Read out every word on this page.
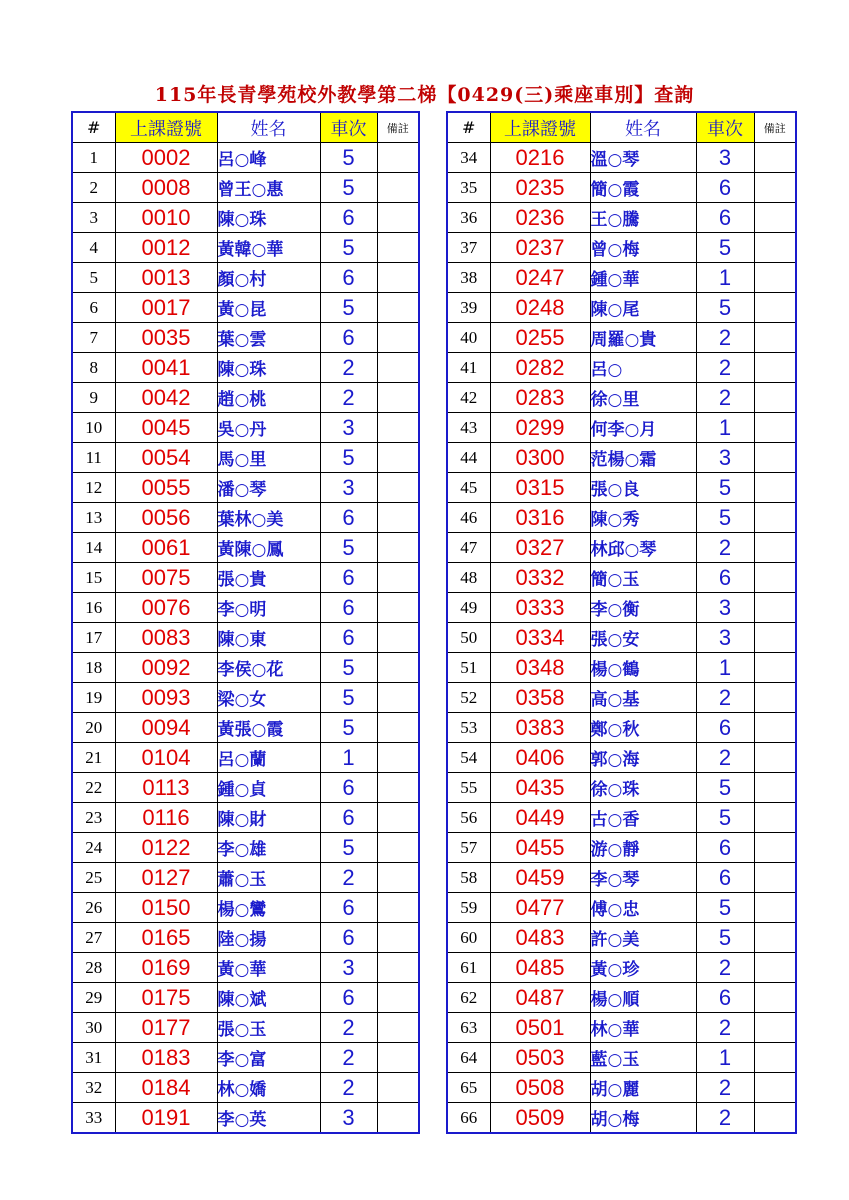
115年長青學苑校外教學第二梯【0429(三)乘座車別】查詢
#	上課證號	姓名	車次	備註
1	0002	呂○峰	5	
2	0008	曾王○惠	5	
3	0010	陳○珠	6	
4	0012	黃韓○華	5	
5	0013	顏○村	6	
6	0017	黃○昆	5	
7	0035	葉○雲	6	
8	0041	陳○珠	2	
9	0042	趙○桃	2	
10	0045	吳○丹	3	
11	0054	馬○里	5	
12	0055	潘○琴	3	
13	0056	葉林○美	6	
14	0061	黃陳○鳳	5	
15	0075	張○貴	6	
16	0076	李○明	6	
17	0083	陳○東	6	
18	0092	李侯○花	5	
19	0093	梁○女	5	
20	0094	黃張○霞	5	
21	0104	呂○蘭	1	
22	0113	鍾○貞	6	
23	0116	陳○財	6	
24	0122	李○雄	5	
25	0127	蕭○玉	2	
26	0150	楊○鸞	6	
27	0165	陸○揚	6	
28	0169	黃○華	3	
29	0175	陳○斌	6	
30	0177	張○玉	2	
31	0183	李○富	2	
32	0184	林○嬌	2	
33	0191	李○英	3	
#	上課證號	姓名	車次	備註
34	0216	溫○琴	3	
35	0235	簡○霞	6	
36	0236	王○騰	6	
37	0237	曾○梅	5	
38	0247	鍾○華	1	
39	0248	陳○尾	5	
40	0255	周羅○貴	2	
41	0282	呂○	2	
42	0283	徐○里	2	
43	0299	何李○月	1	
44	0300	范楊○霜	3	
45	0315	張○良	5	
46	0316	陳○秀	5	
47	0327	林邱○琴	2	
48	0332	簡○玉	6	
49	0333	李○衡	3	
50	0334	張○安	3	
51	0348	楊○鶴	1	
52	0358	高○基	2	
53	0383	鄭○秋	6	
54	0406	郭○海	2	
55	0435	徐○珠	5	
56	0449	古○香	5	
57	0455	游○靜	6	
58	0459	李○琴	6	
59	0477	傅○忠	5	
60	0483	許○美	5	
61	0485	黃○珍	2	
62	0487	楊○順	6	
63	0501	林○華	2	
64	0503	藍○玉	1	
65	0508	胡○麗	2	
66	0509	胡○梅	2	
